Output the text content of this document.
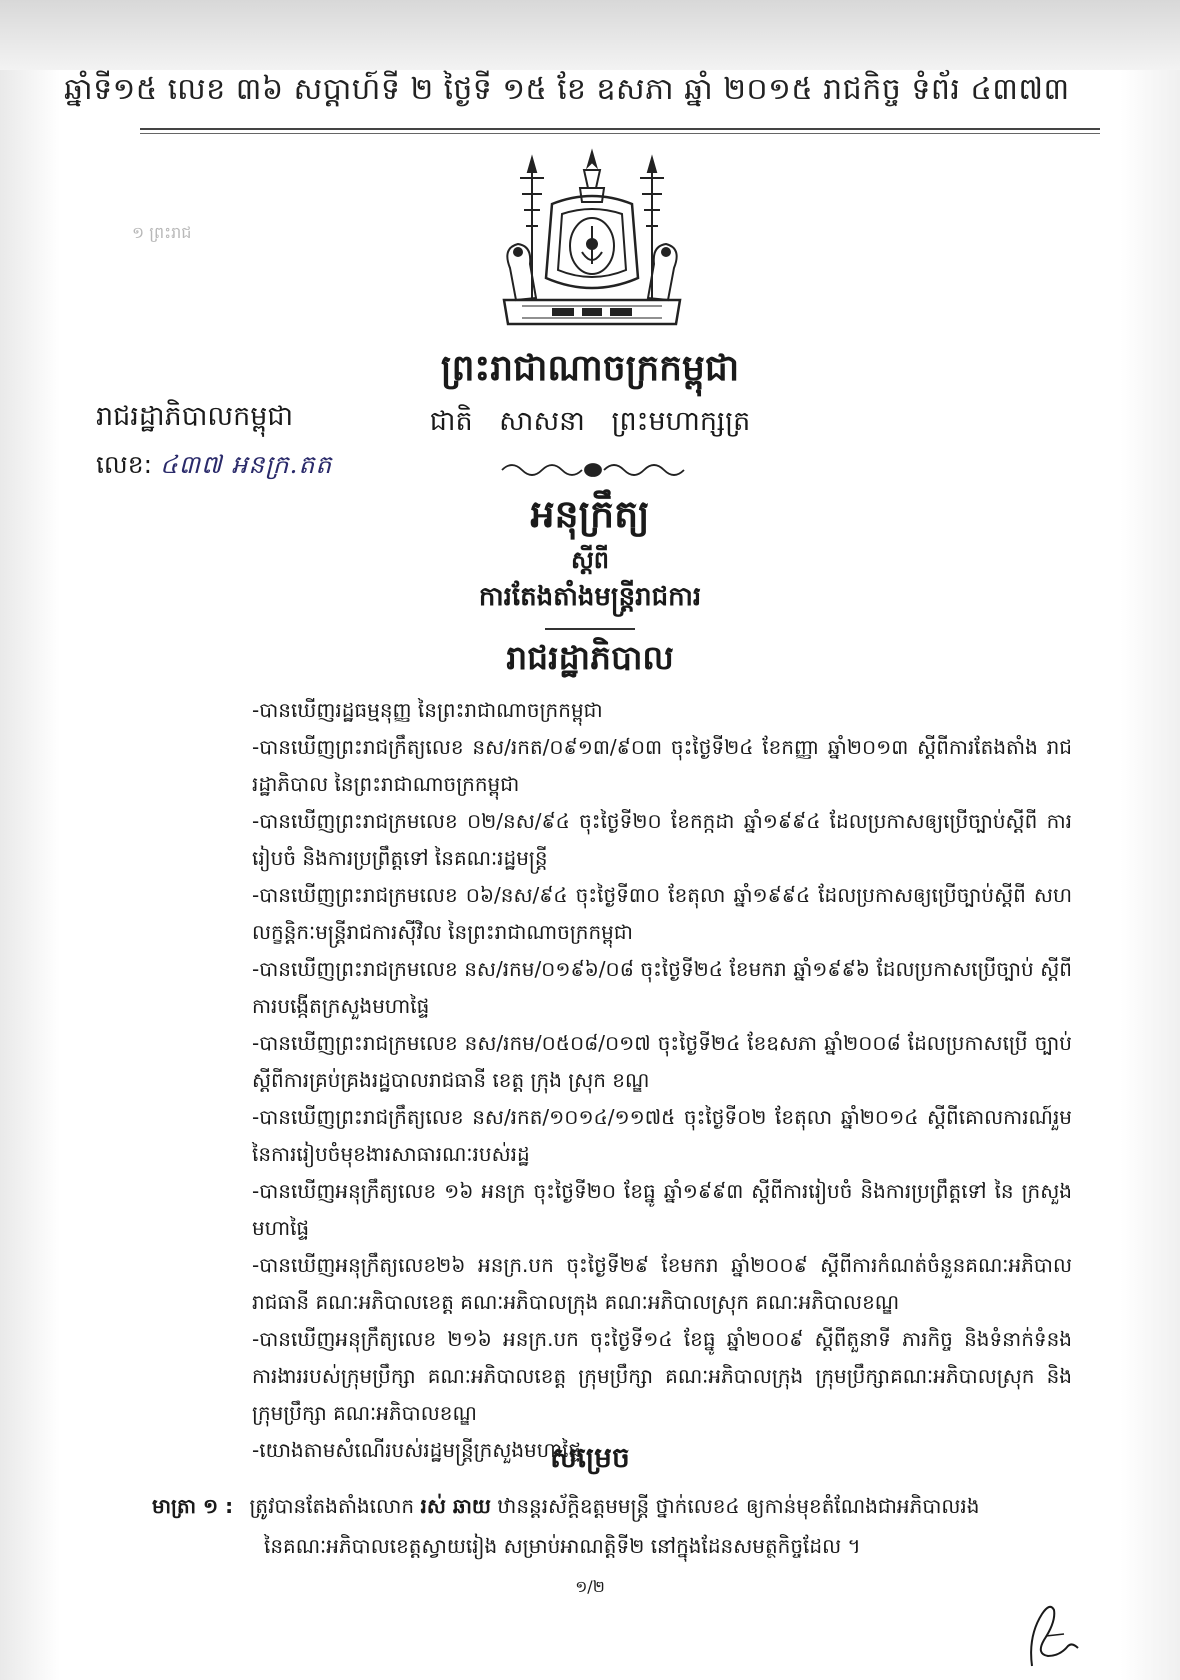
ឆ្នាំទី១៥ លេខ ៣៦ សប្តាហ៍ទី ២ ថ្ងៃទី ១៥ ខែ ឧសភា ឆ្នាំ ២០១៥ រាជកិច្ច ទំព័រ ៤៣៧៣
១ ព្រះរាជ
ព្រះរាជាណាចក្រកម្ពុជា
ជាតិ សាសនា ព្រះមហាក្សត្រ
រាជរដ្ឋាភិបាលកម្ពុជា
លេខ: ៤៣៧ អនក្រ.តត
អនុក្រឹត្យ
ស្តីពី
ការតែងតាំងមន្ត្រីរាជការ
រាជរដ្ឋាភិបាល
-បានឃើញរដ្ឋធម្មនុញ្ញ នៃព្រះរាជាណាចក្រកម្ពុជា
-បានឃើញព្រះរាជក្រឹត្យលេខ នស/រកត/០៩១៣/៩០៣ ចុះថ្ងៃទី២៤ ខែកញ្ញា ឆ្នាំ២០១៣ ស្តីពីការតែងតាំង រាជរដ្ឋាភិបាល នៃព្រះរាជាណាចក្រកម្ពុជា
-បានឃើញព្រះរាជក្រមលេខ ០២/នស/៩៤ ចុះថ្ងៃទី២០ ខែកក្កដា ឆ្នាំ១៩៩៤ ដែលប្រកាសឲ្យប្រើច្បាប់ស្តីពី ការរៀបចំ និងការប្រព្រឹត្តទៅ នៃគណៈរដ្ឋមន្ត្រី
-បានឃើញព្រះរាជក្រមលេខ ០៦/នស/៩៤ ចុះថ្ងៃទី៣០ ខែតុលា ឆ្នាំ១៩៩៤ ដែលប្រកាសឲ្យប្រើច្បាប់ស្តីពី សហលក្ខន្តិកៈមន្ត្រីរាជការស៊ីវិល នៃព្រះរាជាណាចក្រកម្ពុជា
-បានឃើញព្រះរាជក្រមលេខ នស/រកម/០១៩៦/០៨ ចុះថ្ងៃទី២៤ ខែមករា ឆ្នាំ១៩៩៦ ដែលប្រកាសប្រើច្បាប់ ស្តីពីការបង្កើតក្រសួងមហាផ្ទៃ
-បានឃើញព្រះរាជក្រមលេខ នស/រកម/០៥០៨/០១៧ ចុះថ្ងៃទី២៤ ខែឧសភា ឆ្នាំ២០០៨ ដែលប្រកាសប្រើ ច្បាប់ស្តីពីការគ្រប់គ្រងរដ្ឋបាលរាជធានី ខេត្ត ក្រុង ស្រុក ខណ្ឌ
-បានឃើញព្រះរាជក្រឹត្យលេខ នស/រកត/១០១៤/១១៧៥ ចុះថ្ងៃទី០២ ខែតុលា ឆ្នាំ២០១៤ ស្តីពីគោលការណ៍រួម នៃការរៀបចំមុខងារសាធារណៈរបស់រដ្ឋ
-បានឃើញអនុក្រឹត្យលេខ ១៦ អនក្រ ចុះថ្ងៃទី២០ ខែធ្នូ ឆ្នាំ១៩៩៣ ស្តីពីការរៀបចំ និងការប្រព្រឹត្តទៅ នៃ ក្រសួងមហាផ្ទៃ
-បានឃើញអនុក្រឹត្យលេខ២៦ អនក្រ.បក ចុះថ្ងៃទី២៩ ខែមករា ឆ្នាំ២០០៩ ស្តីពីការកំណត់ចំនួនគណៈអភិបាល រាជធានី គណៈអភិបាលខេត្ត គណៈអភិបាលក្រុង គណៈអភិបាលស្រុក គណៈអភិបាលខណ្ឌ
-បានឃើញអនុក្រឹត្យលេខ ២១៦ អនក្រ.បក ចុះថ្ងៃទី១៤ ខែធ្នូ ឆ្នាំ២០០៩ ស្តីពីតួនាទី ភារកិច្ច និងទំនាក់ទំនង ការងាររបស់ក្រុមប្រឹក្សា គណៈអភិបាលខេត្ត ក្រុមប្រឹក្សា គណៈអភិបាលក្រុង ក្រុមប្រឹក្សាគណៈអភិបាលស្រុក និងក្រុមប្រឹក្សា គណៈអភិបាលខណ្ឌ
-យោងតាមសំណើរបស់រដ្ឋមន្ត្រីក្រសួងមហាផ្ទៃ
សម្រេច
មាត្រា ១ : ត្រូវបានតែងតាំងលោក រស់ ឆាយ ឋានន្តរស័ក្តិឧត្តមមន្ត្រី ថ្នាក់លេខ៤ ឲ្យកាន់មុខតំណែងជាអភិបាលរង
នៃគណៈអភិបាលខេត្តស្វាយរៀង សម្រាប់អាណត្តិទី២ នៅក្នុងដែនសមត្ថកិច្ចដែល ។
១/២
